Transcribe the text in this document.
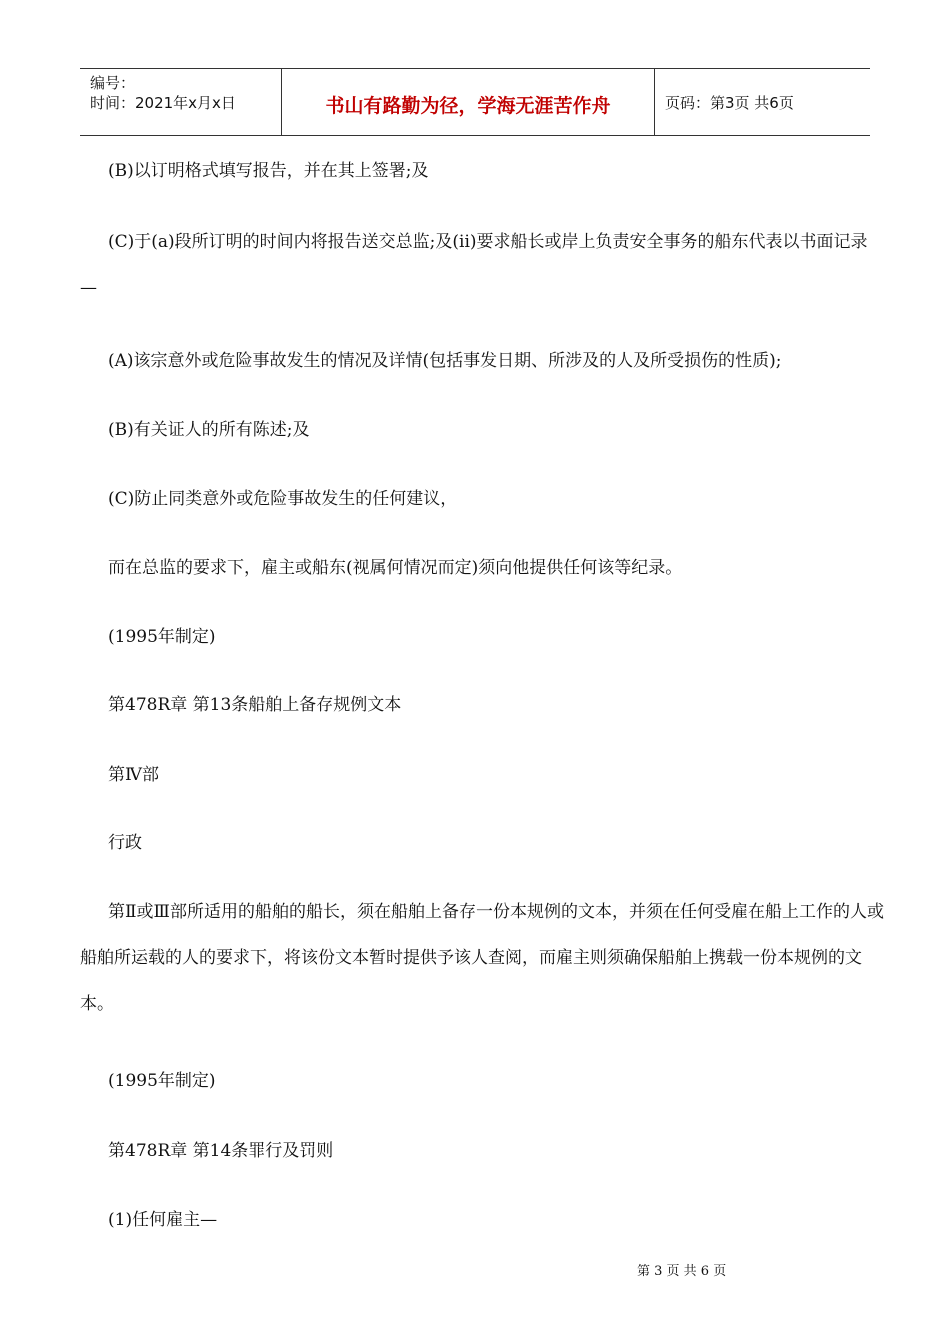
编号：
时间：2021年x月x日	书山有路勤为径，学海无涯苦作舟	页码：第3页 共6页
(B)以订明格式填写报告，并在其上签署;及
(C)于(a)段所订明的时间内将报告送交总监;及(ii)要求船长或岸上负责安全事务的船东代表以书面记录—
(A)该宗意外或危险事故发生的情况及详情(包括事发日期、所涉及的人及所受损伤的性质);
(B)有关证人的所有陈述;及
(C)防止同类意外或危险事故发生的任何建议，
而在总监的要求下，雇主或船东(视属何情况而定)须向他提供任何该等纪录。
(1995年制定)
第478R章 第13条船舶上备存规例文本
第Ⅳ部
行政
第Ⅱ或Ⅲ部所适用的船舶的船长，须在船舶上备存一份本规例的文本，并须在任何受雇在船上工作的人或船舶所运载的人的要求下，将该份文本暂时提供予该人查阅，而雇主则须确保船舶上携载一份本规例的文本。
(1995年制定)
第478R章 第14条罪行及罚则
(1)任何雇主—
第 3 页 共 6 页
